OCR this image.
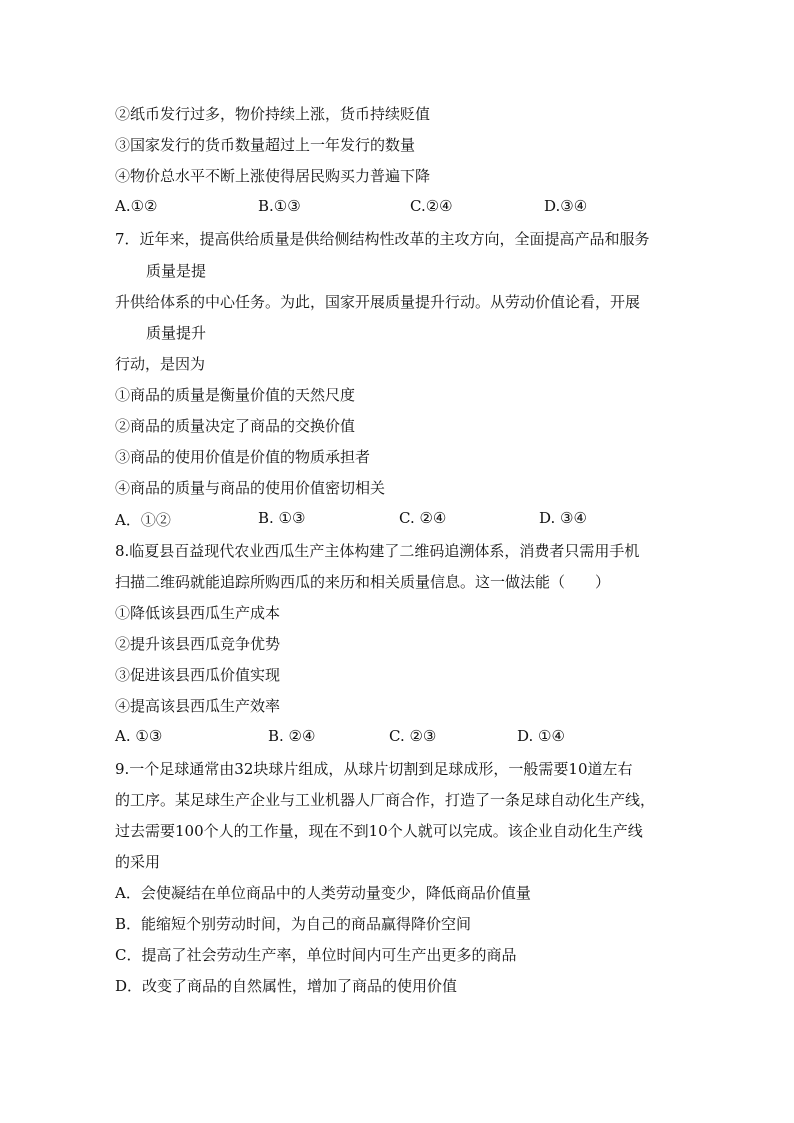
②纸币发行过多，物价持续上涨，货币持续贬值
③国家发行的货币数量超过上一年发行的数量
④物价总水平不断上涨使得居民购买力普遍下降
A.①②	B.①③	C.②④	D.③④
7．近年来，提高供给质量是供给侧结构性改革的主攻方向，全面提高产品和服务
质量是提
升供给体系的中心任务。为此，国家开展质量提升行动。从劳动价值论看，开展
质量提升
行动，是因为
①商品的质量是衡量价值的天然尺度
②商品的质量决定了商品的交换价值
③商品的使用价值是价值的物质承担者
④商品的质量与商品的使用价值密切相关
A．①②	B. ①③	C. ②④	D. ③④
8.临夏县百益现代农业西瓜生产主体构建了二维码追溯体系，消费者只需用手机
扫描二维码就能追踪所购西瓜的来历和相关质量信息。这一做法能（　　）
①降低该县西瓜生产成本
②提升该县西瓜竞争优势
③促进该县西瓜价值实现
④提高该县西瓜生产效率
A. ①③	B. ②④	C. ②③	D. ①④
9.一个足球通常由32块球片组成，从球片切割到足球成形，一般需要10道左右
的工序。某足球生产企业与工业机器人厂商合作，打造了一条足球自动化生产线，
过去需要100个人的工作量，现在不到10个人就可以完成。该企业自动化生产线
的采用
A．会使凝结在单位商品中的人类劳动量变少，降低商品价值量
B．能缩短个别劳动时间，为自己的商品赢得降价空间
C．提高了社会劳动生产率，单位时间内可生产出更多的商品
D．改变了商品的自然属性，增加了商品的使用价值
